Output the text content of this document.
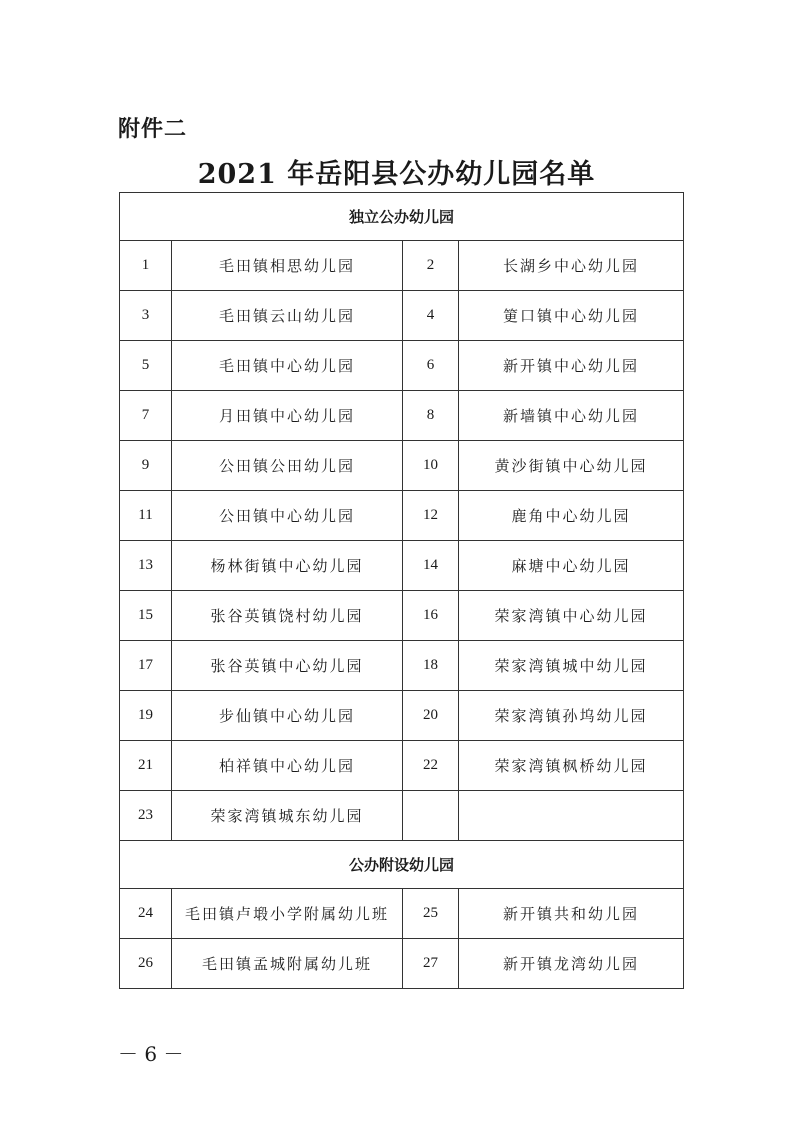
附件二
2021 年岳阳县公办幼儿园名单
独立公办幼儿园			
1	毛田镇相思幼儿园	2	长湖乡中心幼儿园
3	毛田镇云山幼儿园	4	筻口镇中心幼儿园
5	毛田镇中心幼儿园	6	新开镇中心幼儿园
7	月田镇中心幼儿园	8	新墙镇中心幼儿园
9	公田镇公田幼儿园	10	黄沙街镇中心幼儿园
11	公田镇中心幼儿园	12	鹿角中心幼儿园
13	杨林街镇中心幼儿园	14	麻塘中心幼儿园
15	张谷英镇饶村幼儿园	16	荣家湾镇中心幼儿园
17	张谷英镇中心幼儿园	18	荣家湾镇城中幼儿园
19	步仙镇中心幼儿园	20	荣家湾镇孙坞幼儿园
21	柏祥镇中心幼儿园	22	荣家湾镇枫桥幼儿园
23	荣家湾镇城东幼儿园		
公办附设幼儿园			
24	毛田镇卢塅小学附属幼儿班	25	新开镇共和幼儿园
26	毛田镇孟城附属幼儿班	27	新开镇龙湾幼儿园
－ 6 －
